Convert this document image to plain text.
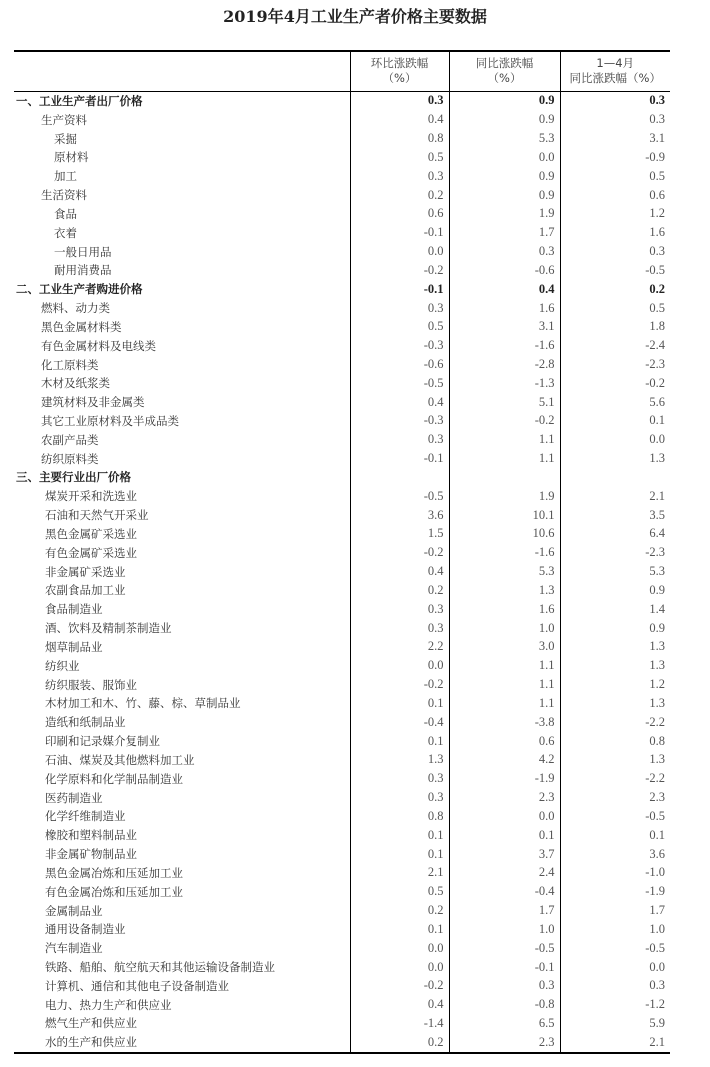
2019年4月工业生产者价格主要数据

环比涨跌幅
（%）

同比涨跌幅
（%）

1—4月
同比涨跌幅（%）

一、工业生产者出厂价格	0.3	0.9	0.3
生产资料	0.4	0.9	0.3
采掘	0.8	5.3	3.1
原材料	0.5	0.0	-0.9
加工	0.3	0.9	0.5
生活资料	0.2	0.9	0.6
食品	0.6	1.9	1.2
衣着	-0.1	1.7	1.6
一般日用品	0.0	0.3	0.3
耐用消费品	-0.2	-0.6	-0.5
二、工业生产者购进价格	-0.1	0.4	0.2
燃料、动力类	0.3	1.6	0.5
黑色金属材料类	0.5	3.1	1.8
有色金属材料及电线类	-0.3	-1.6	-2.4
化工原料类	-0.6	-2.8	-2.3
木材及纸浆类	-0.5	-1.3	-0.2
建筑材料及非金属类	0.4	5.1	5.6
其它工业原材料及半成品类	-0.3	-0.2	0.1
农副产品类	0.3	1.1	0.0
纺织原料类	-0.1	1.1	1.3
三、主要行业出厂价格			
煤炭开采和洗选业	-0.5	1.9	2.1
石油和天然气开采业	3.6	10.1	3.5
黑色金属矿采选业	1.5	10.6	6.4
有色金属矿采选业	-0.2	-1.6	-2.3
非金属矿采选业	0.4	5.3	5.3
农副食品加工业	0.2	1.3	0.9
食品制造业	0.3	1.6	1.4
酒、饮料及精制茶制造业	0.3	1.0	0.9
烟草制品业	2.2	3.0	1.3
纺织业	0.0	1.1	1.3
纺织服装、服饰业	-0.2	1.1	1.2
木材加工和木、竹、藤、棕、草制品业	0.1	1.1	1.3
造纸和纸制品业	-0.4	-3.8	-2.2
印刷和记录媒介复制业	0.1	0.6	0.8
石油、煤炭及其他燃料加工业	1.3	4.2	1.3
化学原料和化学制品制造业	0.3	-1.9	-2.2
医药制造业	0.3	2.3	2.3
化学纤维制造业	0.8	0.0	-0.5
橡胶和塑料制品业	0.1	0.1	0.1
非金属矿物制品业	0.1	3.7	3.6
黑色金属冶炼和压延加工业	2.1	2.4	-1.0
有色金属冶炼和压延加工业	0.5	-0.4	-1.9
金属制品业	0.2	1.7	1.7
通用设备制造业	0.1	1.0	1.0
汽车制造业	0.0	-0.5	-0.5
铁路、船舶、航空航天和其他运输设备制造业	0.0	-0.1	0.0
计算机、通信和其他电子设备制造业	-0.2	0.3	0.3
电力、热力生产和供应业	0.4	-0.8	-1.2
燃气生产和供应业	-1.4	6.5	5.9
水的生产和供应业	0.2	2.3	2.1
